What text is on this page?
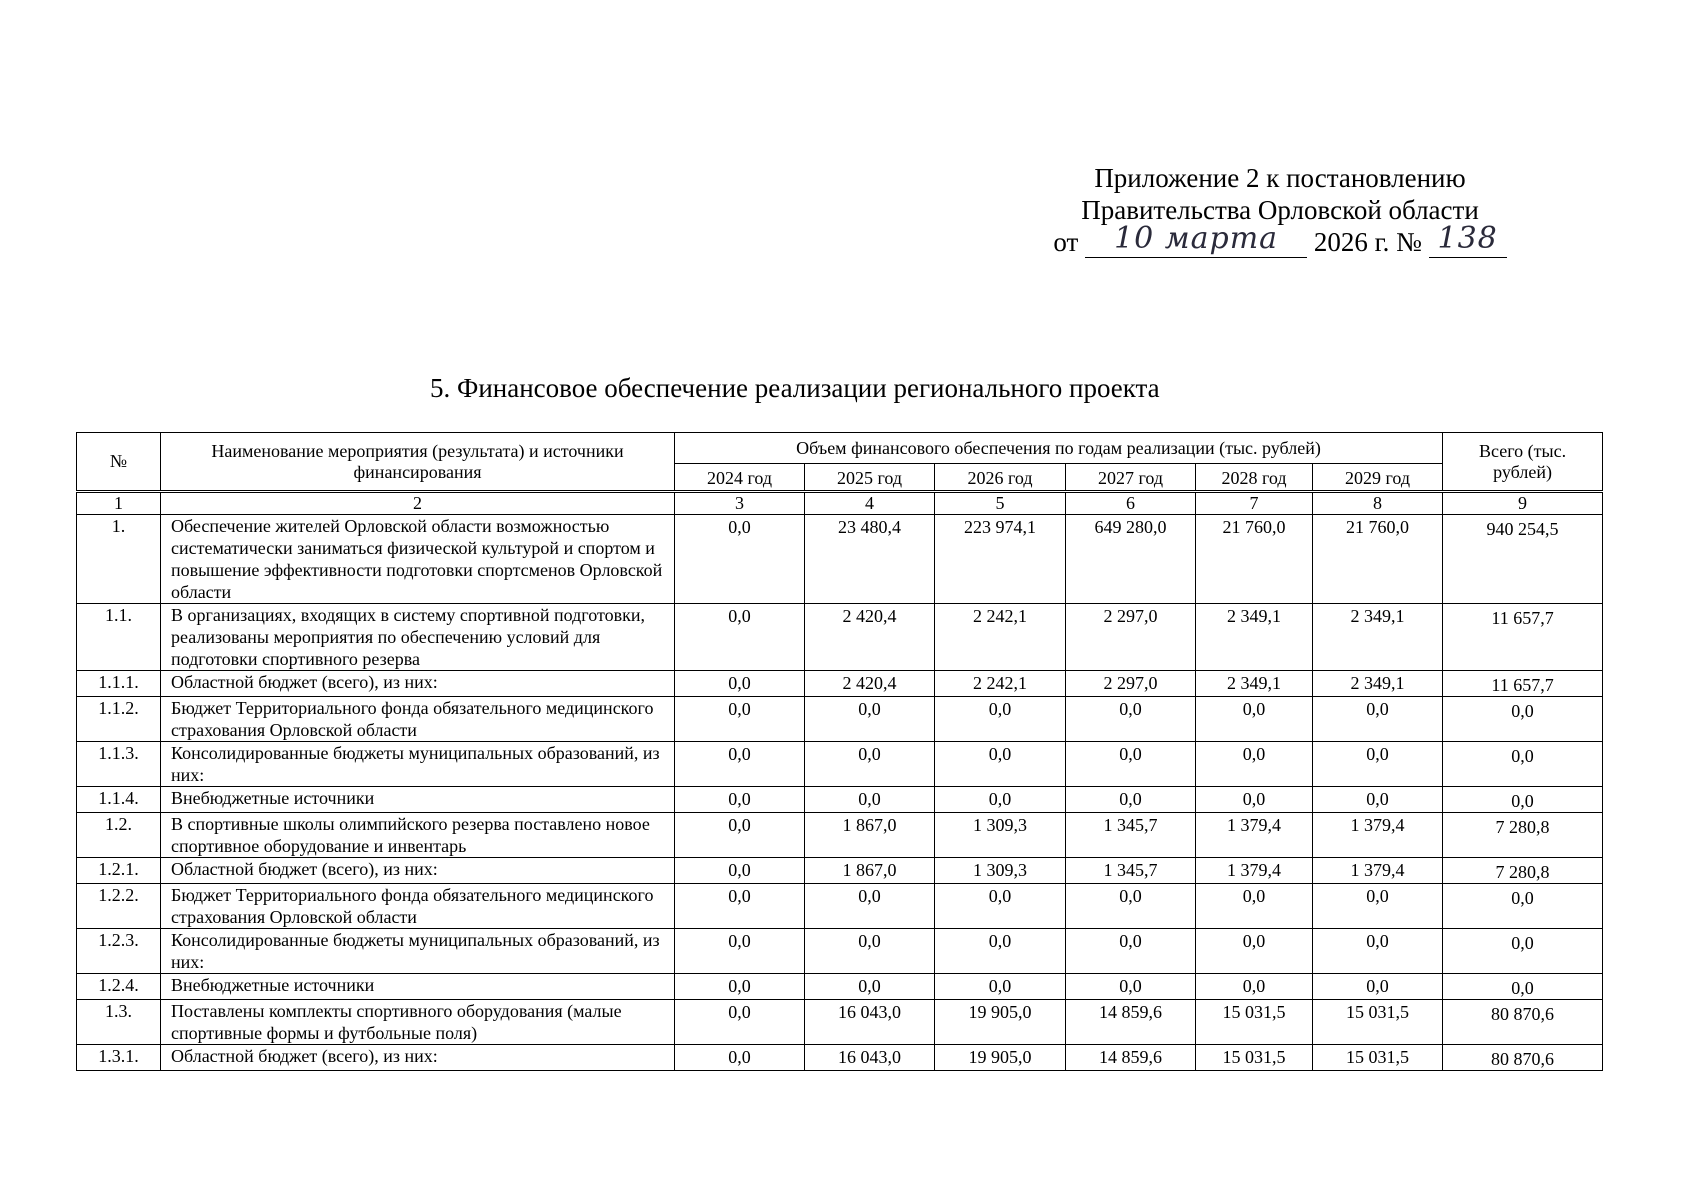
Приложение 2 к постановлению
Правительства Орловской области
от	10 марта	2026 г. № 138
5. Финансовое обеспечение реализации регионального проекта
№	Наименование мероприятия (результата) и источники финансирования	Объем финансового обеспечения по годам реализации (тыс. рублей)						Всего (тыс. рублей)
		2024 год	2025 год	2026 год	2027 год	2028 год	2029 год	
1	2	3	4	5	6	7	8	9
1.	Обеспечение жителей Орловской области возможностью систематически заниматься физической культурой и спортом и повышение эффективности подготовки спортсменов Орловской области	0,0	23 480,4	223 974,1	649 280,0	21 760,0	21 760,0	940 254,5
1.1.	В организациях, входящих в систему спортивной подготовки, реализованы мероприятия по обеспечению условий для подготовки спортивного резерва	0,0	2 420,4	2 242,1	2 297,0	2 349,1	2 349,1	11 657,7
1.1.1.	Областной бюджет (всего), из них:	0,0	2 420,4	2 242,1	2 297,0	2 349,1	2 349,1	11 657,7
1.1.2.	Бюджет Территориального фонда обязательного медицинского страхования Орловской области	0,0	0,0	0,0	0,0	0,0	0,0	0,0
1.1.3.	Консолидированные бюджеты муниципальных образований, из них:	0,0	0,0	0,0	0,0	0,0	0,0	0,0
1.1.4.	Внебюджетные источники	0,0	0,0	0,0	0,0	0,0	0,0	0,0
1.2.	В спортивные школы олимпийского резерва поставлено новое спортивное оборудование и инвентарь	0,0	1 867,0	1 309,3	1 345,7	1 379,4	1 379,4	7 280,8
1.2.1.	Областной бюджет (всего), из них:	0,0	1 867,0	1 309,3	1 345,7	1 379,4	1 379,4	7 280,8
1.2.2.	Бюджет Территориального фонда обязательного медицинского страхования Орловской области	0,0	0,0	0,0	0,0	0,0	0,0	0,0
1.2.3.	Консолидированные бюджеты муниципальных образований, из них:	0,0	0,0	0,0	0,0	0,0	0,0	0,0
1.2.4.	Внебюджетные источники	0,0	0,0	0,0	0,0	0,0	0,0	0,0
1.3.	Поставлены комплекты спортивного оборудования (малые спортивные формы и футбольные поля)	0,0	16 043,0	19 905,0	14 859,6	15 031,5	15 031,5	80 870,6
1.3.1.	Областной бюджет (всего), из них:	0,0	16 043,0	19 905,0	14 859,6	15 031,5	15 031,5	80 870,6
